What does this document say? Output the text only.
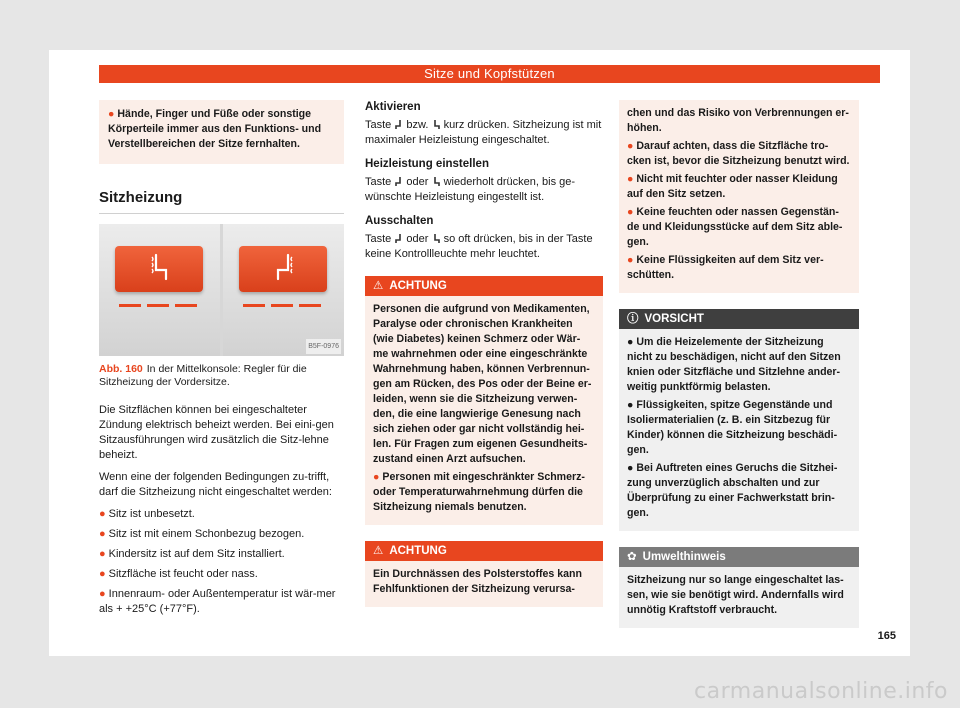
Sitze und Kopfstützen

● Hände, Finger und Füße oder sonstige Körperteile immer aus den Funktions- und Verstellbereichen der Sitze fernhalten.

Sitzheizung
B5F-0976
Abb. 160 In der Mittelkonsole: Regler für die Sitzheizung der Vordersitze.

Die Sitzflächen können bei eingeschalteter Zündung elektrisch beheizt werden. Bei eini-gen Sitzausführungen wird zusätzlich die Sitz-lehne beheizt.

Wenn eine der folgenden Bedingungen zu-trifft, darf die Sitzheizung nicht eingeschaltet werden:

● Sitz ist unbesetzt.
● Sitz ist mit einem Schonbezug bezogen.
● Kindersitz ist auf dem Sitz installiert.
● Sitzfläche ist feucht oder nass.
● Innenraum- oder Außentemperatur ist wär-mer als + +25°C (+77°F).
Aktivieren

Taste bzw. kurz drücken. Sitzheizung ist mit maximaler Heizleistung eingeschaltet.

Heizleistung einstellen

Taste oder wiederholt drücken, bis ge-wünschte Heizleistung eingestellt ist.

Ausschalten

Taste oder so oft drücken, bis in der Taste keine Kontrollleuchte mehr leuchtet.

⚠ ACHTUNG

Personen die aufgrund von Medikamenten, Paralyse oder chronischen Krankheiten (wie Diabetes) keinen Schmerz oder Wär-me wahrnehmen oder eine eingeschränkte Wahrnehmung haben, können Verbrennun-gen am Rücken, des Pos oder der Beine er-leiden, wenn sie die Sitzheizung verwen-den, die eine langwierige Genesung nach sich ziehen oder gar nicht vollständig hei-len. Für Fragen zum eigenen Gesundheits-zustand einen Arzt aufsuchen.

● Personen mit eingeschränkter Schmerz- oder Temperaturwahrnehmung dürfen die Sitzheizung niemals benutzen.

⚠ ACHTUNG

Ein Durchnässen des Polsterstoffes kann Fehlfunktionen der Sitzheizung verursa-

chen und das Risiko von Verbrennungen er-höhen.

● Darauf achten, dass die Sitzfläche tro-cken ist, bevor die Sitzheizung benutzt wird.

● Nicht mit feuchter oder nasser Kleidung auf den Sitz setzen.

● Keine feuchten oder nassen Gegenstän-de und Kleidungsstücke auf dem Sitz able-gen.

● Keine Flüssigkeiten auf dem Sitz ver-schütten.

ⓘ VORSICHT

● Um die Heizelemente der Sitzheizung nicht zu beschädigen, nicht auf den Sitzen knien oder Sitzfläche und Sitzlehne ander-weitig punktförmig belasten.

● Flüssigkeiten, spitze Gegenstände und Isoliermaterialien (z. B. ein Sitzbezug für Kinder) können die Sitzheizung beschädi-gen.

● Bei Auftreten eines Geruchs die Sitzhei-zung unverzüglich abschalten und zur Überprüfung zu einer Fachwerkstatt brin-gen.

✿ Umwelthinweis

Sitzheizung nur so lange eingeschaltet las-sen, wie sie benötigt wird. Andernfalls wird unnötig Kraftstoff verbraucht.

165
carmanualsonline.info
